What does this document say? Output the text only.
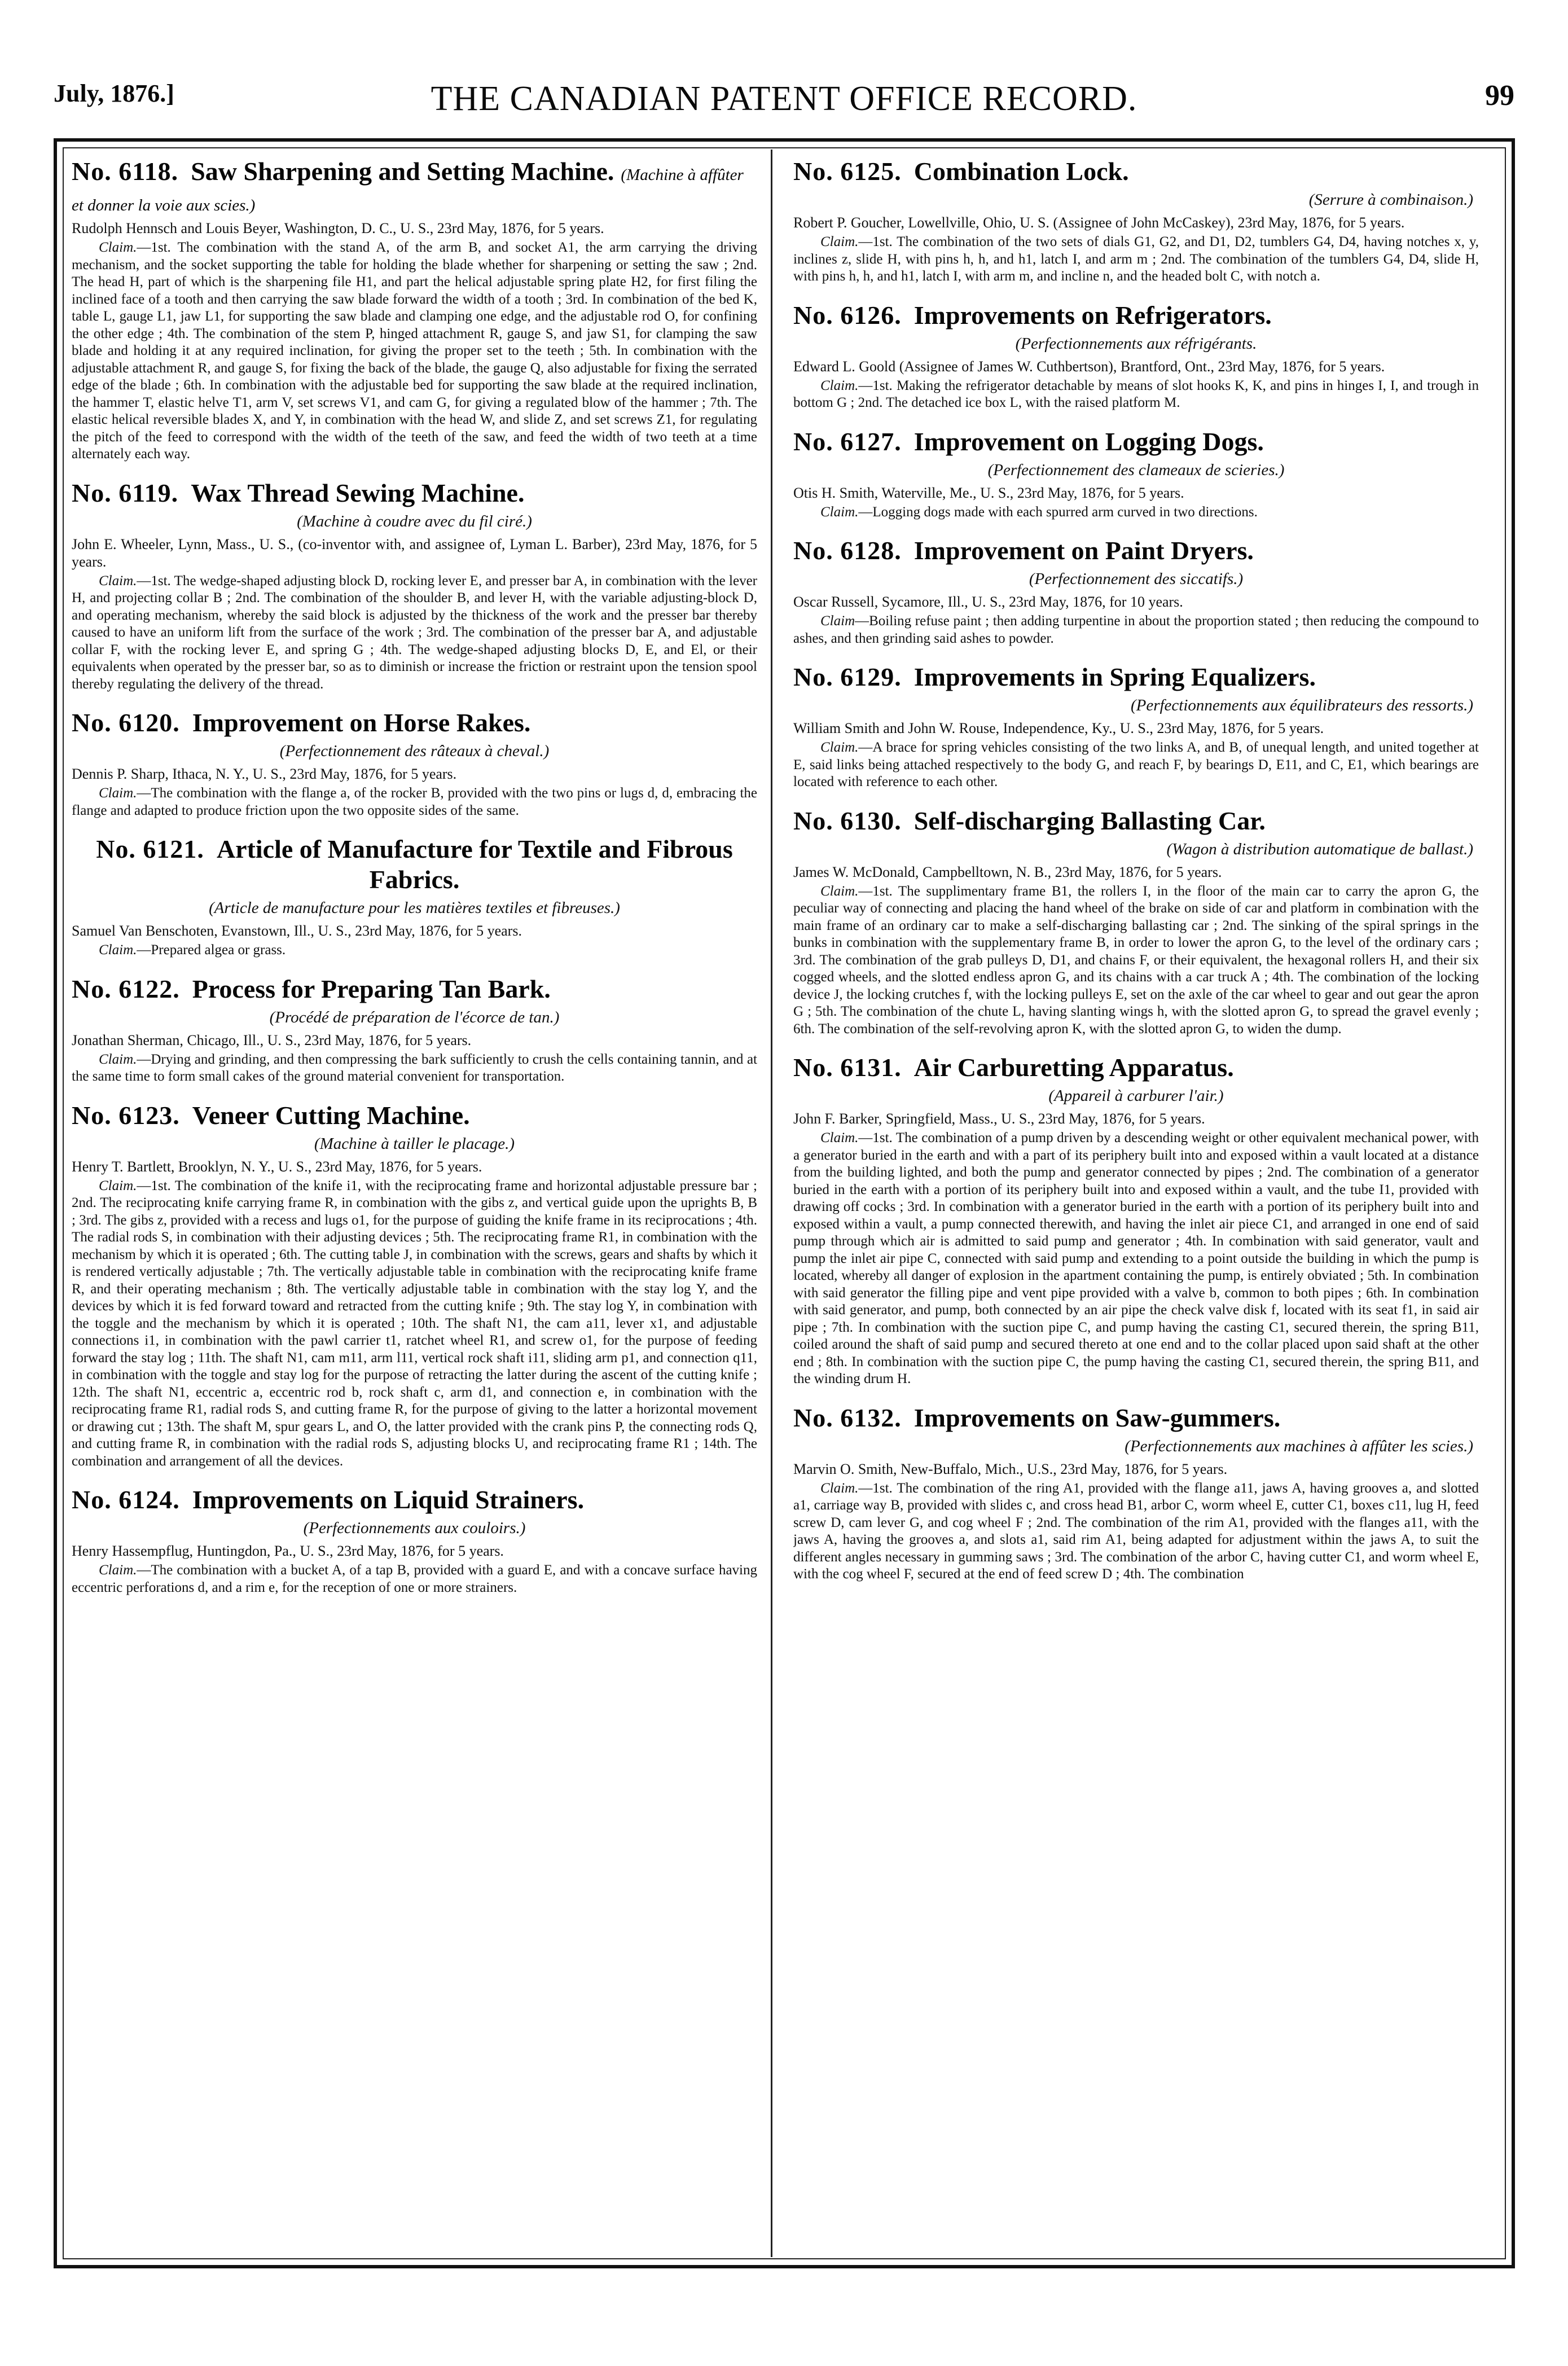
July, 1876.]	THE CANADIAN PATENT OFFICE RECORD.	99
No. 6118. Saw Sharpening and Setting Machine. (Machine à affûter et donner la voie aux scies.)

Rudolph Hennsch and Louis Beyer, Washington, D. C., U. S., 23rd May, 1876, for 5 years.

Claim.—1st. The combination with the stand A, of the arm B, and socket A1, the arm carrying the driving mechanism, and the socket supporting the table for holding the blade whether for sharpening or setting the saw ; 2nd. The head H, part of which is the sharpening file H1, and part the helical adjustable spring plate H2, for first filing the inclined face of a tooth and then carrying the saw blade forward the width of a tooth ; 3rd. In combination of the bed K, table L, gauge L1, jaw L1, for supporting the saw blade and clamping one edge, and the adjustable rod O, for confining the other edge ; 4th. The combination of the stem P, hinged attachment R, gauge S, and jaw S1, for clamping the saw blade and holding it at any required inclination, for giving the proper set to the teeth ; 5th. In combination with the adjustable attachment R, and gauge S, for fixing the back of the blade, the gauge Q, also adjustable for fixing the serrated edge of the blade ; 6th. In combination with the adjustable bed for supporting the saw blade at the required inclination, the hammer T, elastic helve T1, arm V, set screws V1, and cam G, for giving a regulated blow of the hammer ; 7th. The elastic helical reversible blades X, and Y, in combination with the head W, and slide Z, and set screws Z1, for regulating the pitch of the feed to correspond with the width of the teeth of the saw, and feed the width of two teeth at a time alternately each way.

No. 6119. Wax Thread Sewing Machine.

(Machine à coudre avec du fil ciré.)

John E. Wheeler, Lynn, Mass., U. S., (co-inventor with, and assignee of, Lyman L. Barber), 23rd May, 1876, for 5 years.

Claim.—1st. The wedge-shaped adjusting block D, rocking lever E, and presser bar A, in combination with the lever H, and projecting collar B ; 2nd. The combination of the shoulder B, and lever H, with the variable adjusting-block D, and operating mechanism, whereby the said block is adjusted by the thickness of the work and the presser bar thereby caused to have an uniform lift from the surface of the work ; 3rd. The combination of the presser bar A, and adjustable collar F, with the rocking lever E, and spring G ; 4th. The wedge-shaped adjusting blocks D, E, and El, or their equivalents when operated by the presser bar, so as to diminish or increase the friction or restraint upon the tension spool thereby regulating the delivery of the thread.

No. 6120. Improvement on Horse Rakes.

(Perfectionnement des râteaux à cheval.)

Dennis P. Sharp, Ithaca, N. Y., U. S., 23rd May, 1876, for 5 years.

Claim.—The combination with the flange a, of the rocker B, provided with the two pins or lugs d, d, embracing the flange and adapted to produce friction upon the two opposite sides of the same.

No. 6121. Article of Manufacture for Textile and Fibrous Fabrics.

(Article de manufacture pour les matières textiles et fibreuses.)

Samuel Van Benschoten, Evanstown, Ill., U. S., 23rd May, 1876, for 5 years.

Claim.—Prepared algea or grass.

No. 6122. Process for Preparing Tan Bark.

(Procédé de préparation de l'écorce de tan.)

Jonathan Sherman, Chicago, Ill., U. S., 23rd May, 1876, for 5 years.

Claim.—Drying and grinding, and then compressing the bark sufficiently to crush the cells containing tannin, and at the same time to form small cakes of the ground material convenient for transportation.

No. 6123. Veneer Cutting Machine.

(Machine à tailler le placage.)

Henry T. Bartlett, Brooklyn, N. Y., U. S., 23rd May, 1876, for 5 years.

Claim.—1st. The combination of the knife i1, with the reciprocating frame and horizontal adjustable pressure bar ; 2nd. The reciprocating knife carrying frame R, in combination with the gibs z, and vertical guide upon the uprights B, B ; 3rd. The gibs z, provided with a recess and lugs o1, for the purpose of guiding the knife frame in its reciprocations ; 4th. The radial rods S, in combination with their adjusting devices ; 5th. The reciprocating frame R1, in combination with the mechanism by which it is operated ; 6th. The cutting table J, in combination with the screws, gears and shafts by which it is rendered vertically adjustable ; 7th. The vertically adjustable table in combination with the reciprocating knife frame R, and their operating mechanism ; 8th. The vertically adjustable table in combination with the stay log Y, and the devices by which it is fed forward toward and retracted from the cutting knife ; 9th. The stay log Y, in combination with the toggle and the mechanism by which it is operated ; 10th. The shaft N1, the cam a11, lever x1, and adjustable connections i1, in combination with the pawl carrier t1, ratchet wheel R1, and screw o1, for the purpose of feeding forward the stay log ; 11th. The shaft N1, cam m11, arm l11, vertical rock shaft i11, sliding arm p1, and connection q11, in combination with the toggle and stay log for the purpose of retracting the latter during the ascent of the cutting knife ; 12th. The shaft N1, eccentric a, eccentric rod b, rock shaft c, arm d1, and connection e, in combination with the reciprocating frame R1, radial rods S, and cutting frame R, for the purpose of giving to the latter a horizontal movement or drawing cut ; 13th. The shaft M, spur gears L, and O, the latter provided with the crank pins P, the connecting rods Q, and cutting frame R, in combination with the radial rods S, adjusting blocks U, and reciprocating frame R1 ; 14th. The combination and arrangement of all the devices.

No. 6124. Improvements on Liquid Strainers.

(Perfectionnements aux couloirs.)

Henry Hassempflug, Huntingdon, Pa., U. S., 23rd May, 1876, for 5 years.

Claim.—The combination with a bucket A, of a tap B, provided with a guard E, and with a concave surface having eccentric perforations d, and a rim e, for the reception of one or more strainers.

No. 6125. Combination Lock.

(Serrure à combinaison.)

Robert P. Goucher, Lowellville, Ohio, U. S. (Assignee of John McCaskey), 23rd May, 1876, for 5 years.

Claim.—1st. The combination of the two sets of dials G1, G2, and D1, D2, tumblers G4, D4, having notches x, y, inclines z, slide H, with pins h, h, and h1, latch I, and arm m ; 2nd. The combination of the tumblers G4, D4, slide H, with pins h, h, and h1, latch I, with arm m, and incline n, and the headed bolt C, with notch a.

No. 6126. Improvements on Refrigerators.

(Perfectionnements aux réfrigérants.

Edward L. Goold (Assignee of James W. Cuthbertson), Brantford, Ont., 23rd May, 1876, for 5 years.

Claim.—1st. Making the refrigerator detachable by means of slot hooks K, K, and pins in hinges I, I, and trough in bottom G ; 2nd. The detached ice box L, with the raised platform M.

No. 6127. Improvement on Logging Dogs.

(Perfectionnement des clameaux de scieries.)

Otis H. Smith, Waterville, Me., U. S., 23rd May, 1876, for 5 years.

Claim.—Logging dogs made with each spurred arm curved in two directions.

No. 6128. Improvement on Paint Dryers.

(Perfectionnement des siccatifs.)

Oscar Russell, Sycamore, Ill., U. S., 23rd May, 1876, for 10 years.

Claim—Boiling refuse paint ; then adding turpentine in about the proportion stated ; then reducing the compound to ashes, and then grinding said ashes to powder.

No. 6129. Improvements in Spring Equalizers.

(Perfectionnements aux équilibrateurs des ressorts.)

William Smith and John W. Rouse, Independence, Ky., U. S., 23rd May, 1876, for 5 years.

Claim.—A brace for spring vehicles consisting of the two links A, and B, of unequal length, and united together at E, said links being attached respectively to the body G, and reach F, by bearings D, E11, and C, E1, which bearings are located with reference to each other.

No. 6130. Self-discharging Ballasting Car.

(Wagon à distribution automatique de ballast.)

James W. McDonald, Campbelltown, N. B., 23rd May, 1876, for 5 years.

Claim.—1st. The supplimentary frame B1, the rollers I, in the floor of the main car to carry the apron G, the peculiar way of connecting and placing the hand wheel of the brake on side of car and platform in combination with the main frame of an ordinary car to make a self-discharging ballasting car ; 2nd. The sinking of the spiral springs in the bunks in combination with the supplementary frame B, in order to lower the apron G, to the level of the ordinary cars ; 3rd. The combination of the grab pulleys D, D1, and chains F, or their equivalent, the hexagonal rollers H, and their six cogged wheels, and the slotted endless apron G, and its chains with a car truck A ; 4th. The combination of the locking device J, the locking crutches f, with the locking pulleys E, set on the axle of the car wheel to gear and out gear the apron G ; 5th. The combination of the chute L, having slanting wings h, with the slotted apron G, to spread the gravel evenly ; 6th. The combination of the self-revolving apron K, with the slotted apron G, to widen the dump.

No. 6131. Air Carburetting Apparatus.

(Appareil à carburer l'air.)

John F. Barker, Springfield, Mass., U. S., 23rd May, 1876, for 5 years.

Claim.—1st. The combination of a pump driven by a descending weight or other equivalent mechanical power, with a generator buried in the earth and with a part of its periphery built into and exposed within a vault located at a distance from the building lighted, and both the pump and generator connected by pipes ; 2nd. The combination of a generator buried in the earth with a portion of its periphery built into and exposed within a vault, and the tube I1, provided with drawing off cocks ; 3rd. In combination with a generator buried in the earth with a portion of its periphery built into and exposed within a vault, a pump connected therewith, and having the inlet air piece C1, and arranged in one end of said pump through which air is admitted to said pump and generator ; 4th. In combination with said generator, vault and pump the inlet air pipe C, connected with said pump and extending to a point outside the building in which the pump is located, whereby all danger of explosion in the apartment containing the pump, is entirely obviated ; 5th. In combination with said generator the filling pipe and vent pipe provided with a valve b, common to both pipes ; 6th. In combination with said generator, and pump, both connected by an air pipe the check valve disk f, located with its seat f1, in said air pipe ; 7th. In combination with the suction pipe C, and pump having the casting C1, secured therein, the spring B11, coiled around the shaft of said pump and secured thereto at one end and to the collar placed upon said shaft at the other end ; 8th. In combination with the suction pipe C, the pump having the casting C1, secured therein, the spring B11, and the winding drum H.

No. 6132. Improvements on Saw-gummers.

(Perfectionnements aux machines à affûter les scies.)

Marvin O. Smith, New-Buffalo, Mich., U.S., 23rd May, 1876, for 5 years.

Claim.—1st. The combination of the ring A1, provided with the flange a11, jaws A, having grooves a, and slotted a1, carriage way B, provided with slides c, and cross head B1, arbor C, worm wheel E, cutter C1, boxes c11, lug H, feed screw D, cam lever G, and cog wheel F ; 2nd. The combination of the rim A1, provided with the flanges a11, with the jaws A, having the grooves a, and slots a1, said rim A1, being adapted for adjustment within the jaws A, to suit the different angles necessary in gumming saws ; 3rd. The combination of the arbor C, having cutter C1, and worm wheel E, with the cog wheel F, secured at the end of feed screw D ; 4th. The combination
